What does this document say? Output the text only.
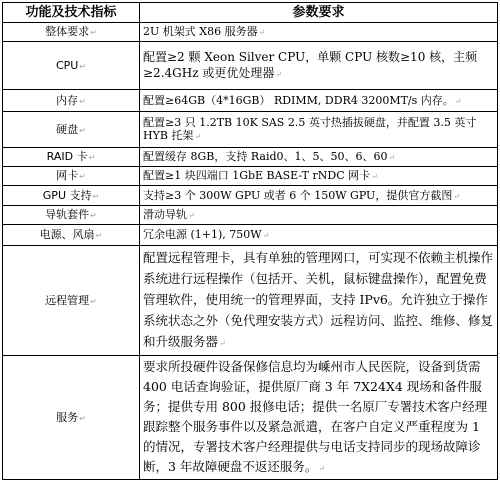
功能及技术指标	参数要求
整体要求↵	2U 机架式 X86 服务器↵
CPU↵	配置≥2 颗 Xeon Silver CPU，单颗 CPU 核数≥10 核，主频≥2.4GHz 或更优处理器↵
内存↵	配置≥64GB（4*16GB） RDIMM, DDR4 3200MT/s 内存。↵
硬盘↵	配置≥3 只 1.2TB 10K SAS 2.5 英寸热插拔硬盘，并配置 3.5 英寸 HYB 托架↵
RAID 卡↵	配置缓存 8GB，支持 Raid0、1、5、50、6、60↵
网卡↵	配置≥1 块四端口 1GbE BASE-T rNDC 网卡↵
GPU 支持↵	支持≥3 个 300W GPU 或者 6 个 150W GPU，提供官方截图↵
导轨套件↵	滑动导轨↵
电源、风扇↵	冗余电源 (1+1), 750W↵
远程管理↵	配置远程管理卡，具有单独的管理网口，可实现不依赖主机操作系统进行远程操作（包括开、关机，鼠标键盘操作），配置免费管理软件，使用统一的管理界面，支持 IPv6。允许独立于操作系统状态之外（免代理安装方式）远程访问、监控、维修、修复和升级服务器↵
服务↵	要求所投硬件设备保修信息均为嵊州市人民医院，设备到货需 400 电话查询验证，提供原厂商 3 年 7X24X4 现场和备件服务；提供专用 800 报修电话；提供一名原厂专署技术客户经理跟踪整个服务事件以及紧急派遣，在客户自定义严重程度为 1 的情况，专署技术客户经理提供与电话支持同步的现场故障诊断，3 年故障硬盘不返还服务。↵
